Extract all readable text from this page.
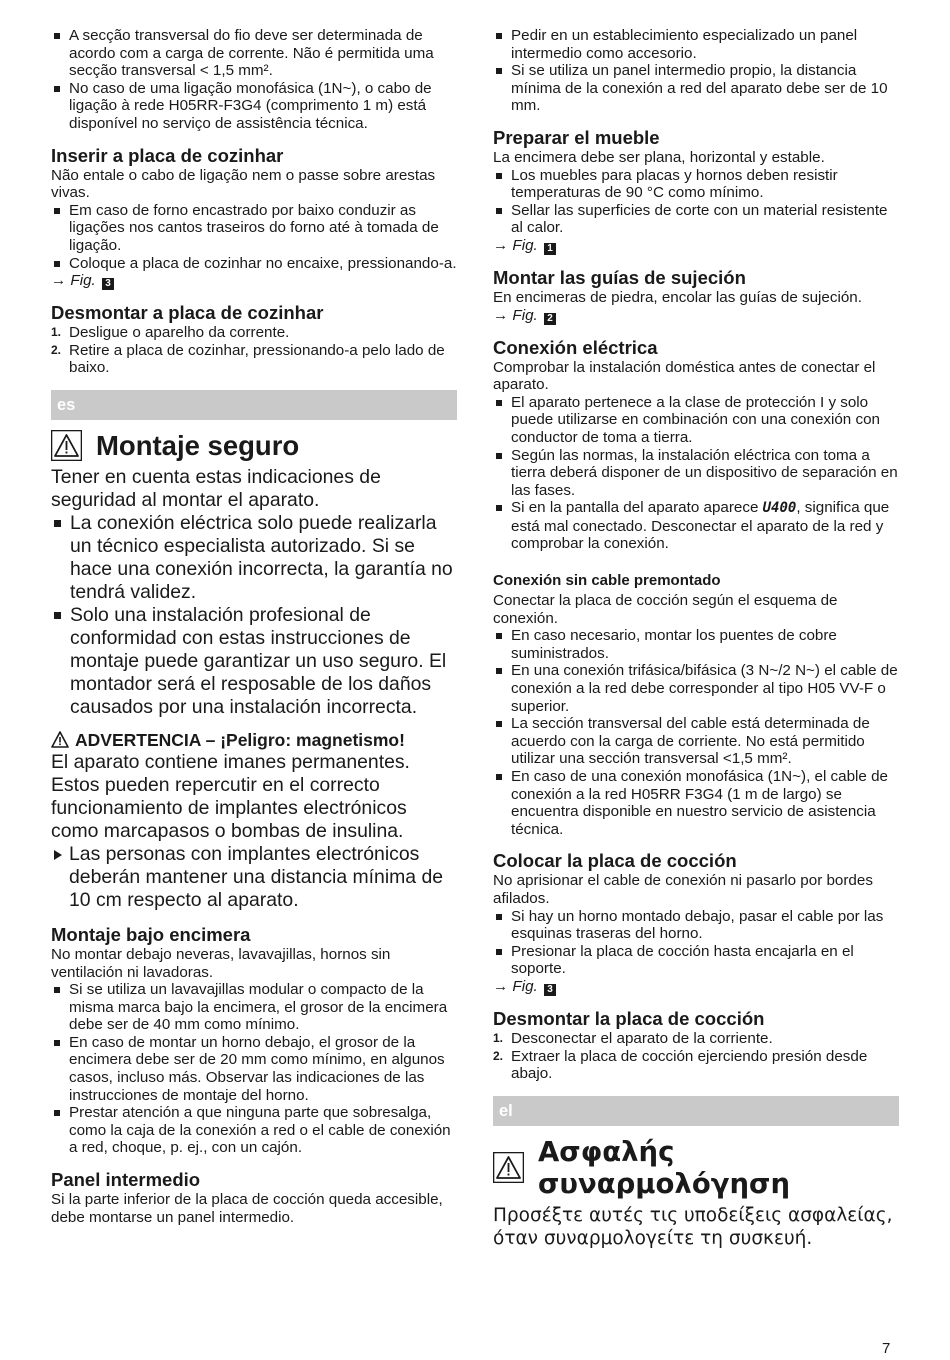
A secção transversal do fio deve ser determinada de acordo com a carga de corrente. Não é permitida uma secção transversal < 1,5 mm².
No caso de uma ligação monofásica (1N~), o cabo de ligação à rede H05RR-F3G4 (comprimento 1 m) está disponível no serviço de assistência técnica.
Inserir a placa de cozinhar

Não entale o cabo de ligação nem o passe sobre arestas vivas.

Em caso de forno encastrado por baixo conduzir as ligações nos cantos traseiros do forno até à tomada de ligação.
Coloque a placa de cozinhar no encaixe, pressionando-a.

→ Fig. 3

Desmontar a placa de cozinhar
1. Desligue o aparelho da corrente.
2. Retire a placa de cozinhar, pressionando-a pelo lado de baixo.
es
Montaje seguro

Tener en cuenta estas indicaciones de seguridad al montar el aparato.

La conexión eléctrica solo puede realizarla un técnico especialista autorizado. Si se hace una conexión incorrecta, la garantía no tendrá validez.
Solo una instalación profesional de conformidad con estas instrucciones de montaje puede garantizar un uso seguro. El montador será el resposable de los daños causados por una instalación incorrecta.
ADVERTENCIA – ¡Peligro: magnetismo!

El aparato contiene imanes permanentes. Estos pueden repercutir en el correcto funcionamiento de implantes electrónicos como marcapasos o bombas de insulina.

Las personas con implantes electrónicos deberán mantener una distancia mínima de 10 cm respecto al aparato.
Montaje bajo encimera

No montar debajo neveras, lavavajillas, hornos sin ventilación ni lavadoras.

Si se utiliza un lavavajillas modular o compacto de la misma marca bajo la encimera, el grosor de la encimera debe ser de 40 mm como mínimo.
En caso de montar un horno debajo, el grosor de la encimera debe ser de 20 mm como mínimo, en algunos casos, incluso más. Observar las indicaciones de las instrucciones de montaje del horno.
Prestar atención a que ninguna parte que sobresalga, como la caja de la conexión a red o el cable de conexión a red, choque, p. ej., con un cajón.
Panel intermedio

Si la parte inferior de la placa de cocción queda accesible, debe montarse un panel intermedio.

Pedir en un establecimiento especializado un panel intermedio como accesorio.
Si se utiliza un panel intermedio propio, la distancia mínima de la conexión a red del aparato debe ser de 10 mm.
Preparar el mueble

La encimera debe ser plana, horizontal y estable.

Los muebles para placas y hornos deben resistir temperaturas de 90 °C como mínimo.
Sellar las superficies de corte con un material resistente al calor.

→ Fig. 1

Montar las guías de sujeción

En encimeras de piedra, encolar las guías de sujeción.

→ Fig. 2

Conexión eléctrica

Comprobar la instalación doméstica antes de conectar el aparato.

El aparato pertenece a la clase de protección I y solo puede utilizarse en combinación con una conexión con conductor de toma a tierra.
Según las normas, la instalación eléctrica con toma a tierra deberá disponer de un dispositivo de separación en las fases.
Si en la pantalla del aparato aparece U400, significa que está mal conectado. Desconectar el aparato de la red y comprobar la conexión.
Conexión sin cable premontado

Conectar la placa de cocción según el esquema de conexión.

En caso necesario, montar los puentes de cobre suministrados.
En una conexión trifásica/bifásica (3 N~/2 N~) el cable de conexión a la red debe corresponder al tipo H05 VV-F o superior.
La sección transversal del cable está determinada de acuerdo con la carga de corriente. No está permitido utilizar una sección transversal <1,5 mm².
En caso de una conexión monofásica (1N~), el cable de conexión a la red H05RR F3G4 (1 m de largo) se encuentra disponible en nuestro servicio de asistencia técnica.
Colocar la placa de cocción

No aprisionar el cable de conexión ni pasarlo por bordes afilados.

Si hay un horno montado debajo, pasar el cable por las esquinas traseras del horno.
Presionar la placa de cocción hasta encajarla en el soporte.

→ Fig. 3

Desmontar la placa de cocción
1. Desconectar el aparato de la corriente.
2. Extraer la placa de cocción ejerciendo presión desde abajo.
el
Ασφαλής συναρμολόγηση

Προσέξτε αυτές τις υποδείξεις ασφαλείας, όταν συναρμολογείτε τη συσκευή.

7
